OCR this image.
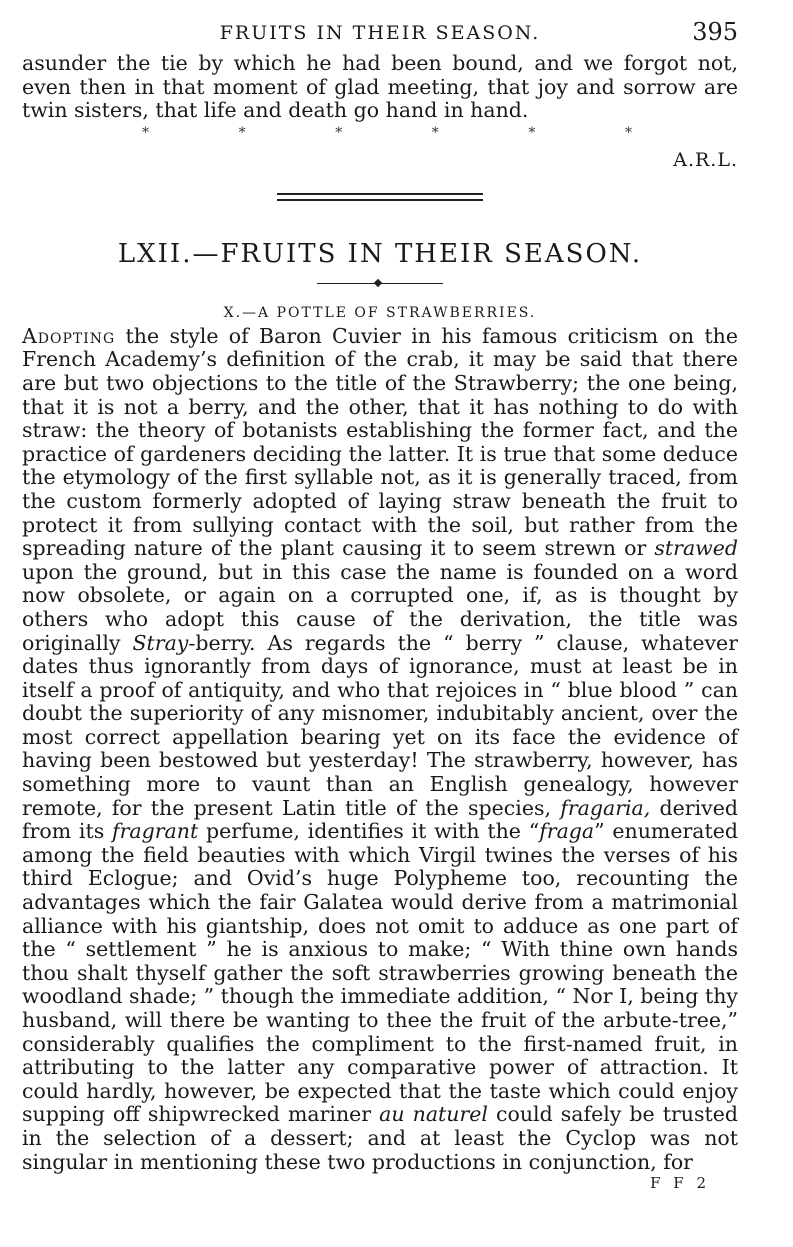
FRUITS IN THEIR SEASON.	395

asunder the tie by which he had been bound, and we forgot not, even then in that moment of glad meeting, that joy and sorrow are twin sisters, that life and death go hand in hand.

*	*	*	*	*	*
A.R.L.
LXII.—FRUITS IN THEIR SEASON.
X.—A POTTLE OF STRAWBERRIES.

Adopting the style of Baron Cuvier in his famous criticism on the French Academy’s definition of the crab, it may be said that there are but two objections to the title of the Strawberry; the one being, that it is not a berry, and the other, that it has nothing to do with straw: the theory of botanists establishing the former fact, and the practice of gardeners deciding the latter. It is true that some deduce the etymology of the first syllable not, as it is generally traced, from the custom formerly adopted of laying straw beneath the fruit to protect it from sullying contact with the soil, but rather from the spreading nature of the plant causing it to seem strewn or strawed upon the ground, but in this case the name is founded on a word now obsolete, or again on a corrupted one, if, as is thought by others who adopt this cause of the derivation, the title was originally Stray-berry. As regards the “ berry ” clause, whatever dates thus ignorantly from days of ignorance, must at least be in itself a proof of antiquity, and who that rejoices in “ blue blood ” can doubt the superiority of any misnomer, indubitably ancient, over the most correct appellation bearing yet on its face the evidence of having been bestowed but yesterday! The strawberry, however, has something more to vaunt than an English genealogy, however remote, for the present Latin title of the species, fragaria, derived from its fragrant perfume, identifies it with the “fraga” enumerated among the field beauties with which Virgil twines the verses of his third Eclogue; and Ovid’s huge Polypheme too, recounting the advantages which the fair Galatea would derive from a matrimonial alliance with his giantship, does not omit to adduce as one part of the “ settlement ” he is anxious to make; “ With thine own hands thou shalt thyself gather the soft strawberries growing beneath the woodland shade; ” though the immediate addition, “ Nor I, being thy husband, will there be wanting to thee the fruit of the arbute-tree,” considerably qualifies the compliment to the first-named fruit, in attributing to the latter any comparative power of attraction. It could hardly, however, be expected that the taste which could enjoy supping off shipwrecked mariner au naturel could safely be trusted in the selection of a dessert; and at least the Cyclop was not singular in mentioning these two productions in conjunction, for

F F 2
